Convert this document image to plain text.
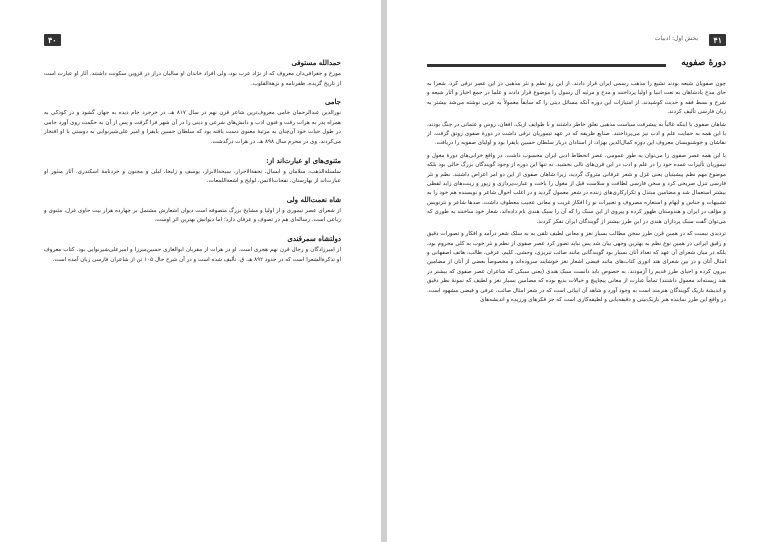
۴۰
حمدالله مستوفی

مورخ و جغرافی‌دان معروف که از نژاد عرب بود، ولی افراد خاندان او سالیان دراز در قزوین سکونت داشتند. آثار او عبارت است از تاریخ گزیده، ظفرنامه و نزهةالقلوب.

جامی

نورالدین عبدالرحمان جامی معروف‌ترین شاعر قرن نهم در سال ۸۱۷ هـ. در خرجرد جام دیده به جهان گشود و در کودکی به همراه پدر به هرات رفت و فنون ادب و دانش‌های شرعی و دینی را در آن شهر فرا گرفت و پس از آن به حکمت روی آورد جامی در طول حیات خود آن‌چنان به مرتبهٔ معنوی دست یافته بود که سلطان حسین بایقرا و امیر علی‌شیرنوایی به دوستی با او افتخار می‌کردند. وی در محرم سال ۸۹۸ هـ. در هرات درگذشت.

مثنوی‌های او عبارت‌اند از:

سلسلةالذهب، سلامان و ابسال، تحفةالاحرار، سبحةالابرار، یوسف و زلیخا، لیلی و مجنون و خردنامهٔ اسکندری. آثار منثور او عبارت‌اند از بهارستان، نفحات‌الانس، لوایح و اشعةاللمعات.

شاه نعمت‌الله ولی

از شعرای عصر تیموری و از اولیا و مشایخ بزرگ متصوفه است دیوان اشعارش مشتمل بر چهارده هزار بیت حاوی غزل، مثنوی و رباعی است. رساله‌ای هم در تصوف و عرفان دارد؛ اما دیوانش بهترین اثر اوست.

دولتشاه سمرقندی

از امیرزادگان و رجال قرن نهم هجری است. او در هرات از مقربان ابوالغازی حسین‌میرزا و امیرعلی‌شیرنوایی بود. کتاب معروف او تذکرةالشعرا است که در حدود ۸۹۲ هـ. ق. تألیف شده است و در آن شرح حال ۱۰۵ تن از شاعران فارسی زبان آمده است.

۴۱
بخش اول: ادبیات
دورهٔ صفویه

چون صفویان شیعه بودند تشیع را مذهب رسمی ایران قرار دادند. از این رو نظم و نثر مذهبی در این عصر ترقی کرد. شعرا به جای مدح پادشاهان به نعت انبیا و اولیا پرداختند و مدح و مرثیه آل رسول را موضوع قرار دادند و علما در جمع اخبار و آثار شیعه و شرح و بسط فقه و حدیث کوشیدند. از امتیازات این دوره آنکه مسائل دینی را که سابقاً معمولاً به عربی نوشته می‌شد بیشتر به زبان فارسی تألیف کردند.

شاهان صفوی با اینکه غالباً به پیشرفت سیاست مذهبی تعلق خاطر داشتند و با طوایف ازبک، افغان، روس و عثمانی در جنگ بودند، با این همه به حمایت علم و ادب نیز می‌پرداختند. صنایع ظریفه که در عهد تیموریان ترقی داشت در دورهٔ صفوی رونق گرفت. از نقاشان و خوشنویسان معروف این دوره کمال‌الدین بهزاد، از استادان دربار سلطان حسین بایقرا بود و اولیای صفویه را دریافت.

با این همه عصر صفوی را می‌توان به طور عمومی، عصر انحطاط ادبی ایران محسوب داشت. در واقع خرابی‌های دورهٔ مغول و تیموریان تأثیرات عمده خود را در علم و ادب در این قرن‌های تالی بخشید. نه تنها این دوره از وجود گویندگان بزرگ خالی بود بلکه موضوع مهم نظم پیشینیان یعنی غزل و شعر عرفانی متروک گردید، زیرا شاهان صفوی از این دو امر اعراض داشتند. نظم و نثر فارسی تنزل صریحی کرد و سخن فارسی لطافت و سلاست قبل از مغول را باخت و عبارت‌پردازی و زیور و زینت‌های زاید لفظی بیشتر استعمال شد و مضامین مبتذل و تکرارکاری‌های زننده در شعر معمول گردید و در اغلب احوال شاعر و نویسنده هم خود را به تشبیهات و جناس و ایهام و استعاره مصروف و تعبیرات نو را افکار غریب و معانی عجیب معطوف داشت. صدها شاعر و نثرنویس و مؤلف در ایران و هندوستان ظهور کرده و پیروی از این سبک را که آن را سبک هندی نام داده‌اند، شعار خود ساختند به طوری که می‌توان گفت سبک پردازان هندی در این طرز بیشتر از گویندگان ایران تفکر کردند.

تردیدی نیست که در همین قرن طرز سخن مطالب بسیار نغز و معانی لطیف تلقی به به سلک شعر درآمد و افکار و تصورات دقیق و رقیق ایرانی در همین نوع نظم به بهترین وجهی بیان شد پس نباید تصور کرد عصر صفوی از نظم و نثر خوب به کلی محروم بود، بلکه در میان شعرای آن عهد که تعداد آنان بسیار بود گویندگانی مانند صائب تبریزی، وحشی، کلیم، عرفی، طالب، هاتف اصفهانی و امثال آنان و در بین شعرای هند انوری کتاب‌های مانند فیضی اشعار نغز خوشایند سروده‌اند و مخصوصاً بعضی از آنان از مضامین بیرون کرده و احیای طرز قدیم را آزمودند. به خصوص باید دانست سبک هندی (یعنی سبکی که شاعران عصر صفوی که بیشتر در هند زیسته‌اند معمول داشتند) تماماً عبارت از معانی پیچاپیچ و خیالات بدیع بوده که مضامین بسیار نغز و لطیف که نمونهٔ نظر دقیق و اندیشهٔ باریک گویندگان هنرمند است به وجود آورد و شاهد آن ابیاتی است که در شعر امثال صائب، عرفی و فیضی مشهود است. در واقع این طرز نماینده هنر باریک‌بینی و دقیقه‌یابی و لطیفه‌کاری است که جز فکرهای ورزیده و اندیشه‌های
